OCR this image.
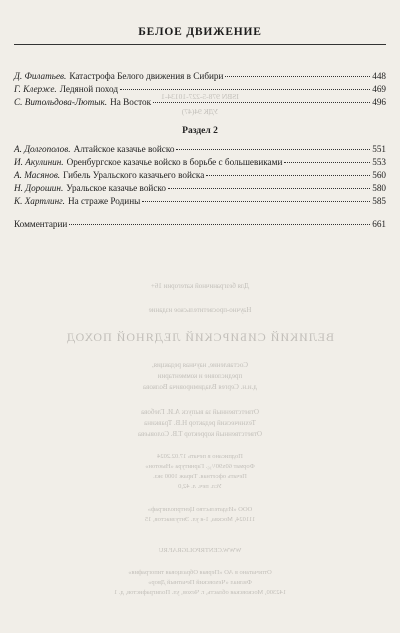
БЕЛОЕ ДВИЖЕНИЕ
ISBN 978-5-227-10134-1
УДК 94(47)
Для безграничной категории 16+
Научно-просветительское издание
ВЕЛИКИЙ СИБИРСКИЙ ЛЕДЯНОЙ ПОХОД
Составление, научная редакция,
предисловие и комментарии
д.и.н. Сергея Владимировича Волкова
Ответственный за выпуск А.И. Глебова
Технический редактор Н.В. Травкина
Ответственный корректор Т.В. Соловьева
Подписано в печать 17.02.2024
Формат 60х90¹/₁₆. Гарнитура «Ньютон»
Печать офсетная. Тираж 1000 экз.
Усл. печ. л. 42,0
ООО «Издательство Центрполиграф»
111024, Москва, 1-я ул. Энтузиастов, 15
WWW.CENTRPOLIGRAF.RU
Отпечатано в АО «Первая Образцовая типография»
Филиал «Чеховский Печатный Двор»
142300, Московская область, г. Чехов, ул. Полиграфистов, д. 1
Д. Филатьев. Катастрофа Белого движения в Сибири	448
Г. Клерже. Ледяной поход	469
С. Витольдова-Лютык. На Восток	496
Раздел 2
А. Долгополов. Алтайское казачье войско	551
И. Акулинин. Оренбургское казачье войско в борьбе с большевиками	553
А. Масянов. Гибель Уральского казачьего войска	560
Н. Дорошин. Уральское казачье войско	580
К. Хартлинг. На страже Родины	585
Комментарии	661
